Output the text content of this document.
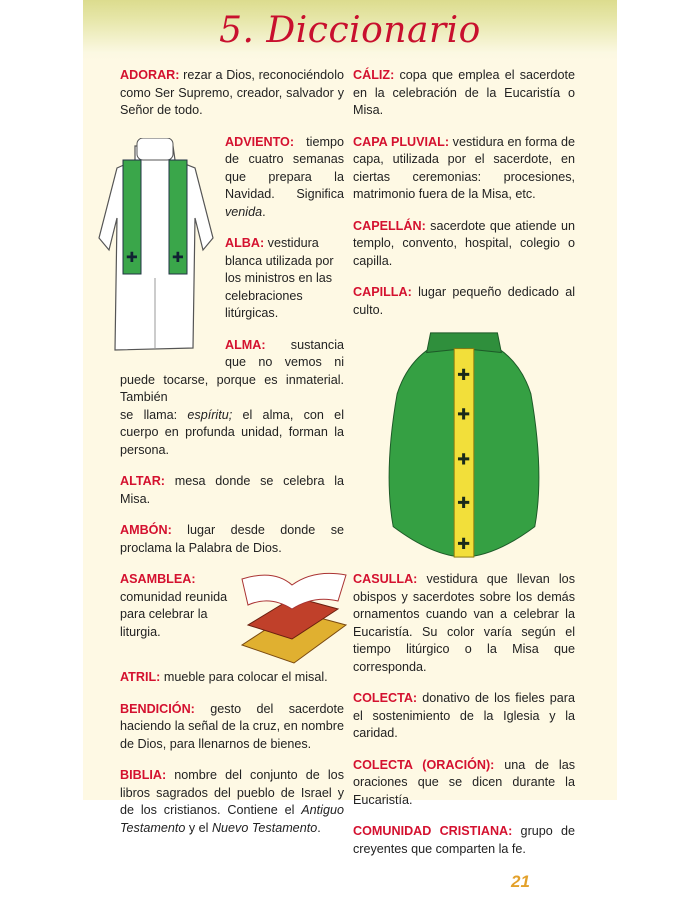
5. Diccionario

ADORAR: rezar a Dios, reconociéndolo como Ser Supremo, creador, salvador y Señor de todo.

✚ ✚

ADVIENTO: tiempo de cuatro semanas que prepara la Navidad. Significa venida.

ALBA: vestidura blanca utilizada por los ministros en las celebraciones litúrgicas.

ALMA: sustancia que no vemos ni puede tocarse, porque es inmaterial. También

se llama: espíritu; el alma, con el cuerpo en profunda unidad, forman la persona.

ALTAR: mesa donde se celebra la Misa.

AMBÓN: lugar desde donde se proclama la Palabra de Dios.

ASAMBLEA: comunidad reunida para celebrar la liturgia.

ATRIL: mueble para colocar el misal.

BENDICIÓN: gesto del sacerdote haciendo la señal de la cruz, en nombre de Dios, para llenarnos de bienes.

BIBLIA: nombre del conjunto de los libros sagrados del pueblo de Israel y de los cristianos. Contiene el Antiguo Testamento y el Nuevo Testamento.

CÁLIZ: copa que emplea el sacerdote en la celebración de la Eucaristía o Misa.

CAPA PLUVIAL: vestidura en forma de capa, utilizada por el sacerdote, en ciertas ceremonias: procesiones, matrimonio fuera de la Misa, etc.

CAPELLÁN: sacerdote que atiende un templo, convento, hospital, colegio o capilla.

CAPILLA: lugar pequeño dedicado al culto.

✚
✚
✚
✚
✚

CASULLA: vestidura que llevan los obispos y sacerdotes sobre los demás ornamentos cuando van a celebrar la Eucaristía. Su color varía según el tiempo litúrgico o la Misa que corresponda.

COLECTA: donativo de los fieles para el sostenimiento de la Iglesia y la caridad.

COLECTA (ORACIÓN): una de las oraciones que se dicen durante la Eucaristía.

COMUNIDAD CRISTIANA: grupo de creyentes que comparten la fe.

21
